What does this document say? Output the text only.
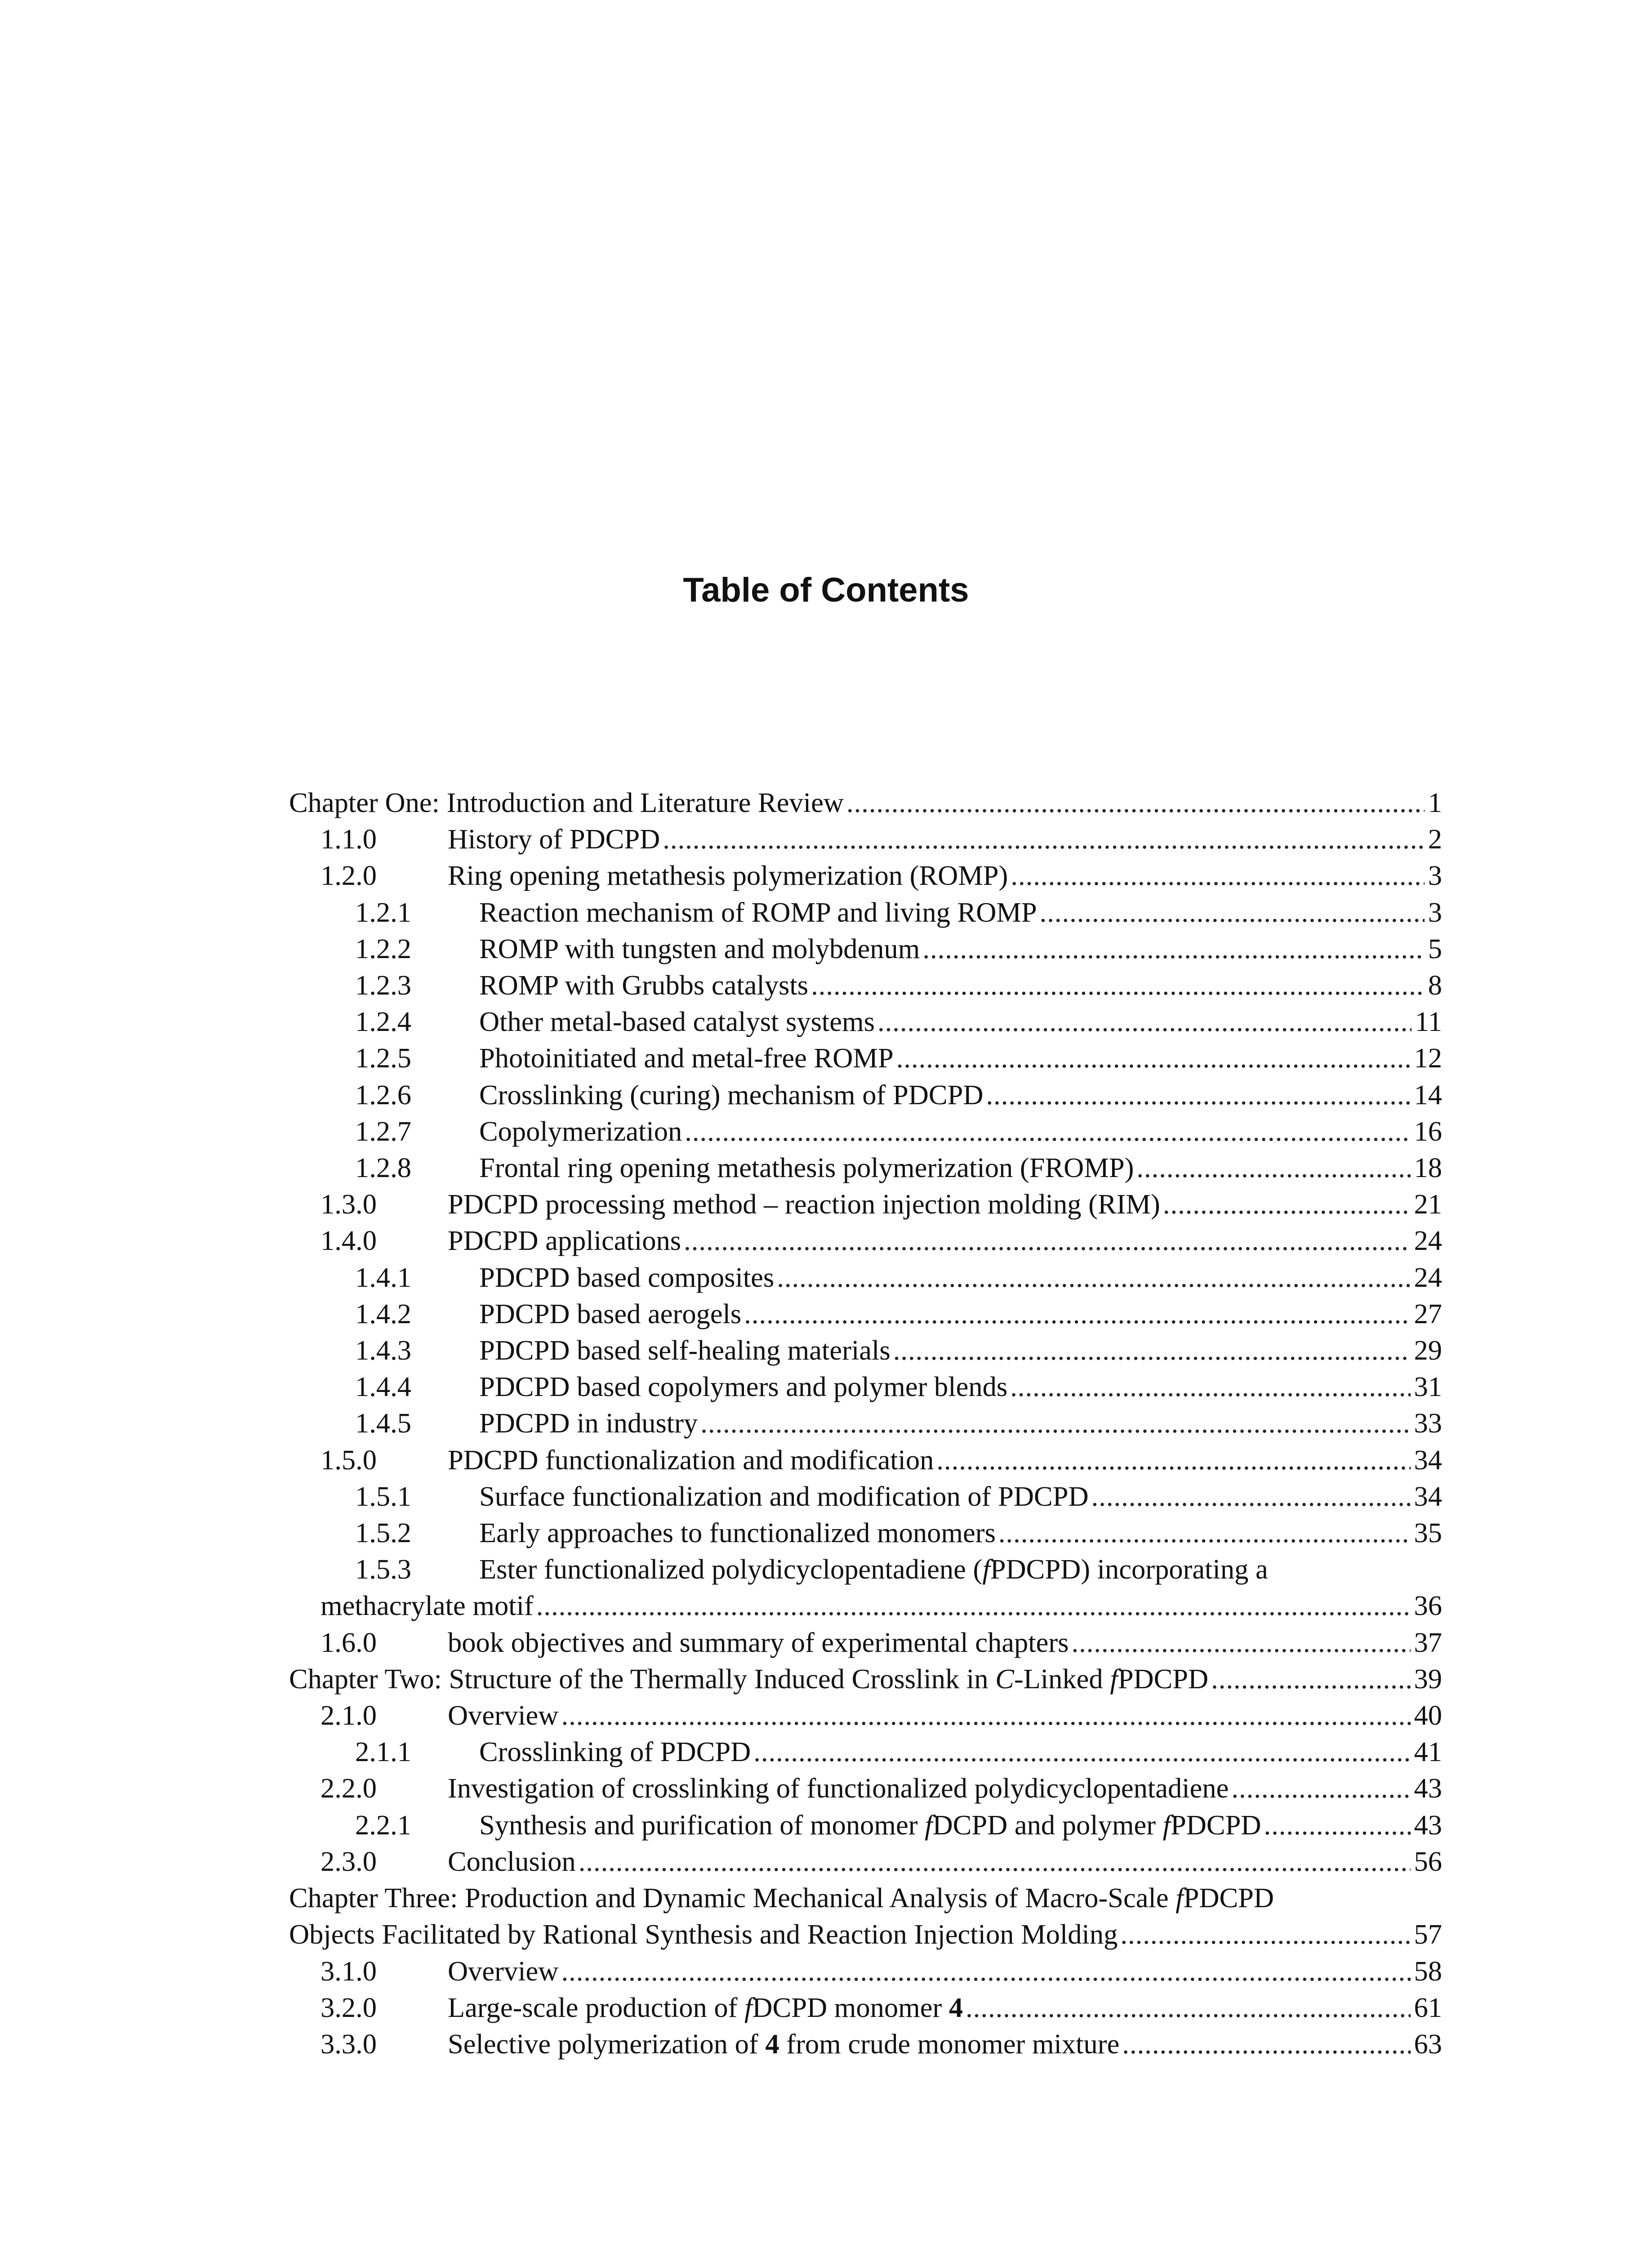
Table of Contents
Chapter One: Introduction and Literature Review .....	1
1.1.0	History of PDCPD .....	2
1.2.0	Ring opening metathesis polymerization (ROMP) .....	3
1.2.1	Reaction mechanism of ROMP and living ROMP .....	3
1.2.2	ROMP with tungsten and molybdenum .....	5
1.2.3	ROMP with Grubbs catalysts .....	8
1.2.4	Other metal-based catalyst systems .....	11
1.2.5	Photoinitiated and metal-free ROMP .....	12
1.2.6	Crosslinking (curing) mechanism of PDCPD .....	14
1.2.7	Copolymerization .....	16
1.2.8	Frontal ring opening metathesis polymerization (FROMP) .....	18
1.3.0	PDCPD processing method – reaction injection molding (RIM) .....	21
1.4.0	PDCPD applications .....	24
1.4.1	PDCPD based composites .....	24
1.4.2	PDCPD based aerogels .....	27
1.4.3	PDCPD based self-healing materials .....	29
1.4.4	PDCPD based copolymers and polymer blends .....	31
1.4.5	PDCPD in industry .....	33
1.5.0	PDCPD functionalization and modification .....	34
1.5.1	Surface functionalization and modification of PDCPD .....	34
1.5.2	Early approaches to functionalized monomers .....	35
1.5.3	Ester functionalized polydicyclopentadiene (fPDCPD) incorporating a
methacrylate motif .....	36
1.6.0	book objectives and summary of experimental chapters .....	37
Chapter Two: Structure of the Thermally Induced Crosslink in C-Linked fPDCPD .....	39
2.1.0	Overview .....	40
2.1.1	Crosslinking of PDCPD .....	41
2.2.0	Investigation of crosslinking of functionalized polydicyclopentadiene .....	43
2.2.1	Synthesis and purification of monomer fDCPD and polymer fPDCPD .....	43
2.3.0	Conclusion .....	56
Chapter Three: Production and Dynamic Mechanical Analysis of Macro-Scale fPDCPD
Objects Facilitated by Rational Synthesis and Reaction Injection Molding .....	57
3.1.0	Overview .....	58
3.2.0	Large-scale production of fDCPD monomer 4 .....	61
3.3.0	Selective polymerization of 4 from crude monomer mixture .....	63
